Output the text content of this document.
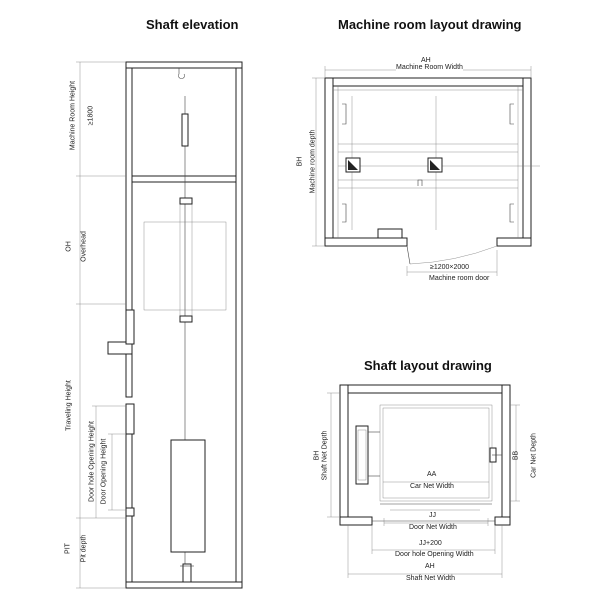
Shaft elevation	Machine room layout drawing
Shaft layout drawing
Machine Room Height ≥1800
OH Overhead
Traveling Height
Door hole Opening Height Door Opening Height
PIT Pit depth
AH
Machine Room Width
BH Machine room depth
≥1200×2000
Machine room door
BH Shaft Net Depth	BB Car Net Depth
AA
Car Net Width
JJ
Door Net Width
JJ+200
Door hole Opening Width
AH
Shaft Net Width
